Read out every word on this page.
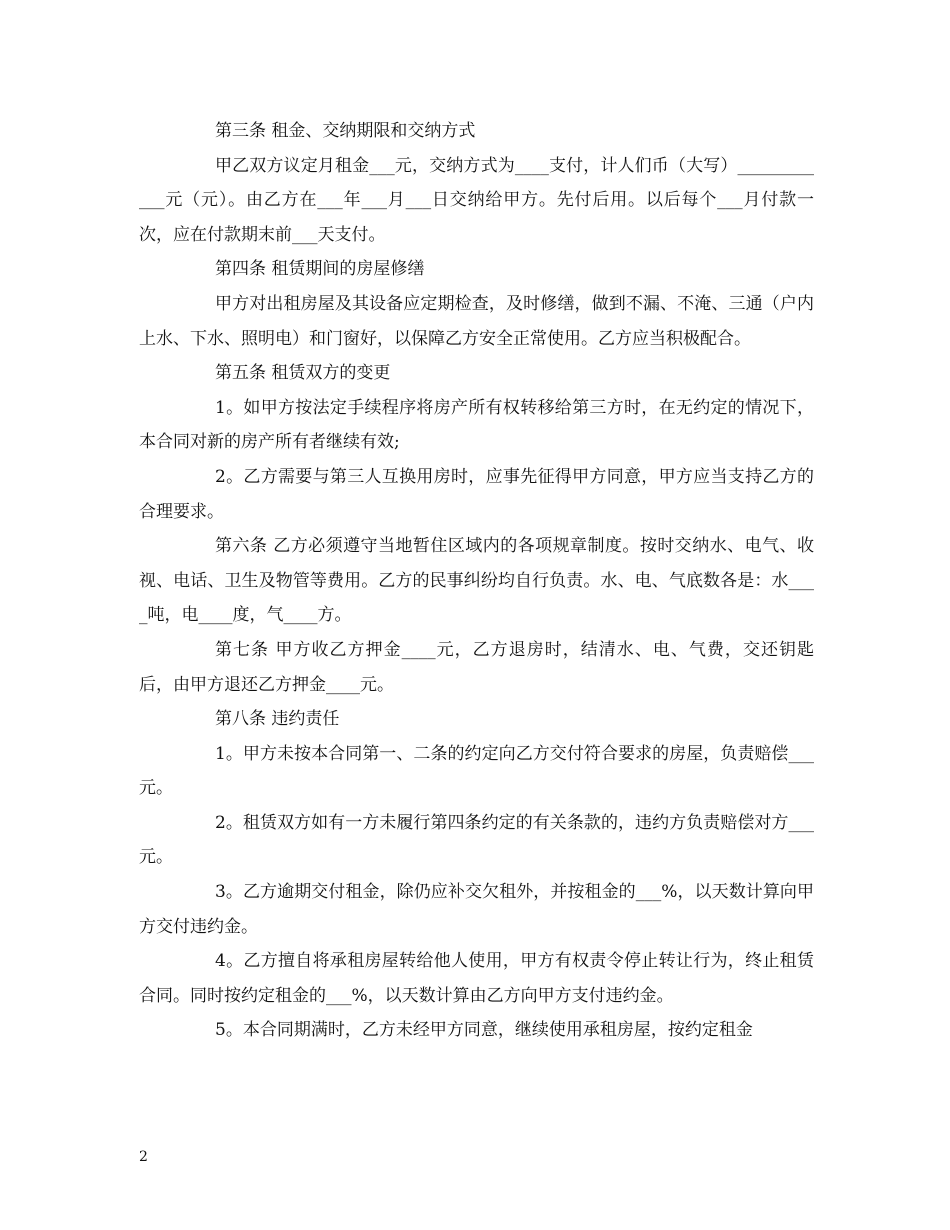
第三条 租金、交纳期限和交纳方式

甲乙双方议定月租金___元，交纳方式为____支付，计人们币（大写）____________元（元）。由乙方在___年___月___日交纳给甲方。先付后用。以后每个___月付款一次，应在付款期末前___天支付。

第四条 租赁期间的房屋修缮

甲方对出租房屋及其设备应定期检查，及时修缮，做到不漏、不淹、三通（户内上水、下水、照明电）和门窗好，以保障乙方安全正常使用。乙方应当积极配合。

第五条 租赁双方的变更

1。如甲方按法定手续程序将房产所有权转移给第三方时，在无约定的情况下，本合同对新的房产所有者继续有效;

2。乙方需要与第三人互换用房时，应事先征得甲方同意，甲方应当支持乙方的合理要求。

第六条 乙方必须遵守当地暂住区域内的各项规章制度。按时交纳水、电气、收视、电话、卫生及物管等费用。乙方的民事纠纷均自行负责。水、电、气底数各是：水____吨，电____度，气____方。

第七条 甲方收乙方押金____元，乙方退房时，结清水、电、气费，交还钥匙后，由甲方退还乙方押金____元。

第八条 违约责任

1。甲方未按本合同第一、二条的约定向乙方交付符合要求的房屋，负责赔偿___元。

2。租赁双方如有一方未履行第四条约定的有关条款的，违约方负责赔偿对方___元。

3。乙方逾期交付租金，除仍应补交欠租外，并按租金的___%，以天数计算向甲方交付违约金。

4。乙方擅自将承租房屋转给他人使用，甲方有权责令停止转让行为，终止租赁合同。同时按约定租金的___%，以天数计算由乙方向甲方支付违约金。

5。本合同期满时，乙方未经甲方同意，继续使用承租房屋，按约定租金

2
